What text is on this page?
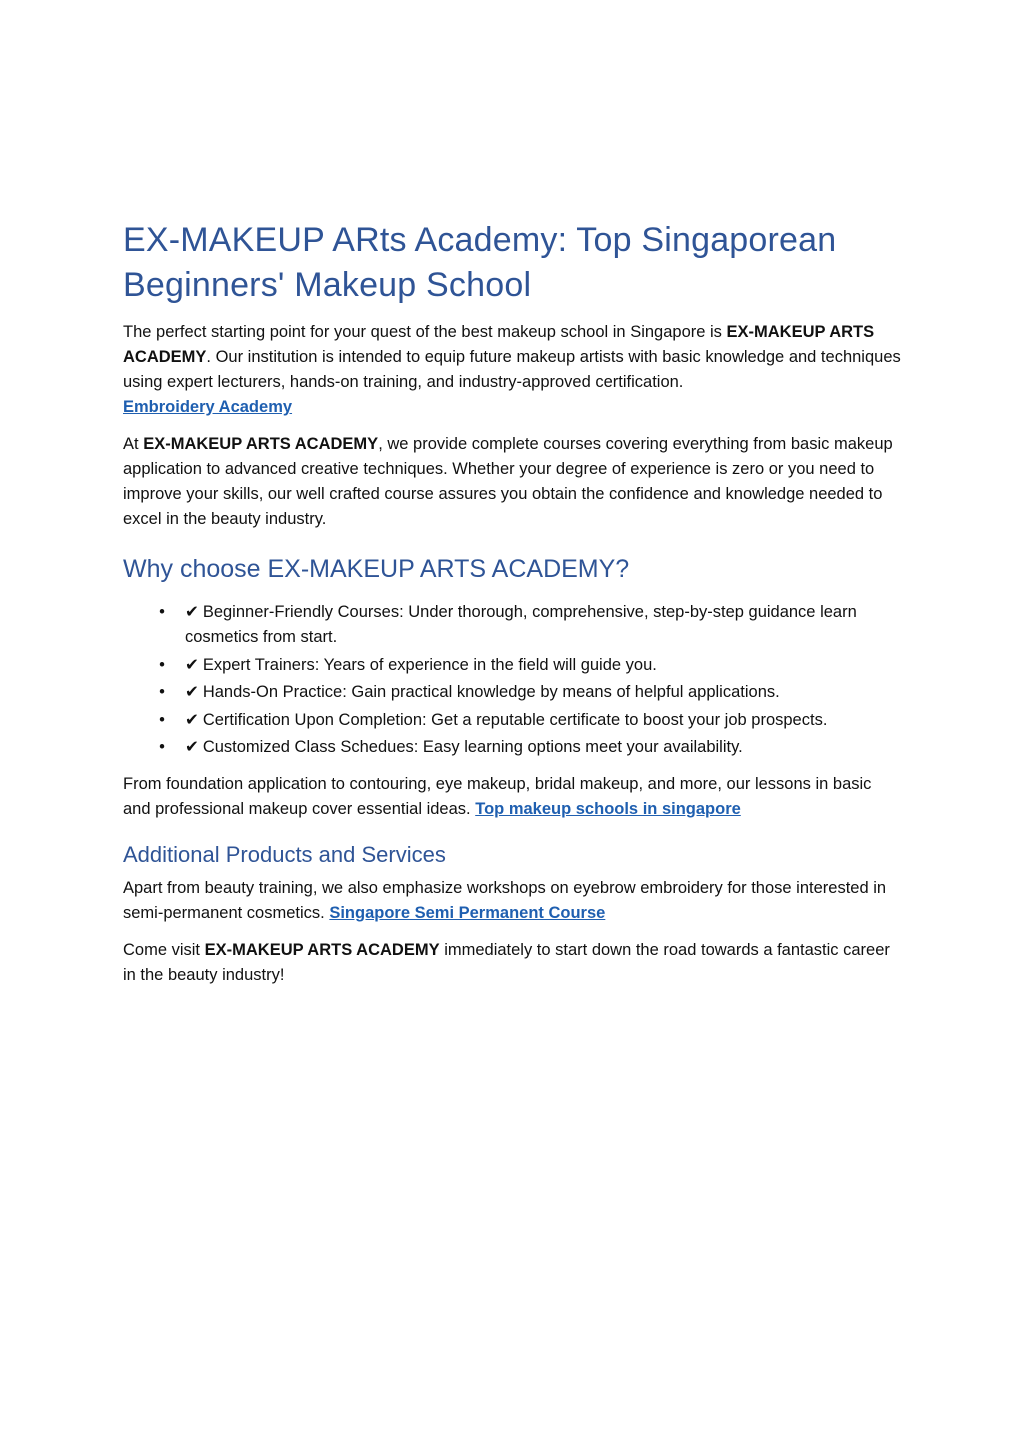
EX-MAKEUP ARts Academy: Top Singaporean Beginners' Makeup School

The perfect starting point for your quest of the best makeup school in Singapore is EX-MAKEUP ARTS ACADEMY. Our institution is intended to equip future makeup artists with basic knowledge and techniques using expert lecturers, hands-on training, and industry-approved certification.
Embroidery Academy

At EX-MAKEUP ARTS ACADEMY, we provide complete courses covering everything from basic makeup application to advanced creative techniques. Whether your degree of experience is zero or you need to improve your skills, our well crafted course assures you obtain the confidence and knowledge needed to excel in the beauty industry.

Why choose EX-MAKEUP ARTS ACADEMY?
• ✔ Beginner-Friendly Courses: Under thorough, comprehensive, step-by-step guidance learn cosmetics from start.
• ✔ Expert Trainers: Years of experience in the field will guide you.
• ✔ Hands-On Practice: Gain practical knowledge by means of helpful applications.
• ✔ Certification Upon Completion: Get a reputable certificate to boost your job prospects.
• ✔ Customized Class Schedues: Easy learning options meet your availability.

From foundation application to contouring, eye makeup, bridal makeup, and more, our lessons in basic and professional makeup cover essential ideas. Top makeup schools in singapore

Additional Products and Services

Apart from beauty training, we also emphasize workshops on eyebrow embroidery for those interested in semi-permanent cosmetics. Singapore Semi Permanent Course

Come visit EX-MAKEUP ARTS ACADEMY immediately to start down the road towards a fantastic career in the beauty industry!
